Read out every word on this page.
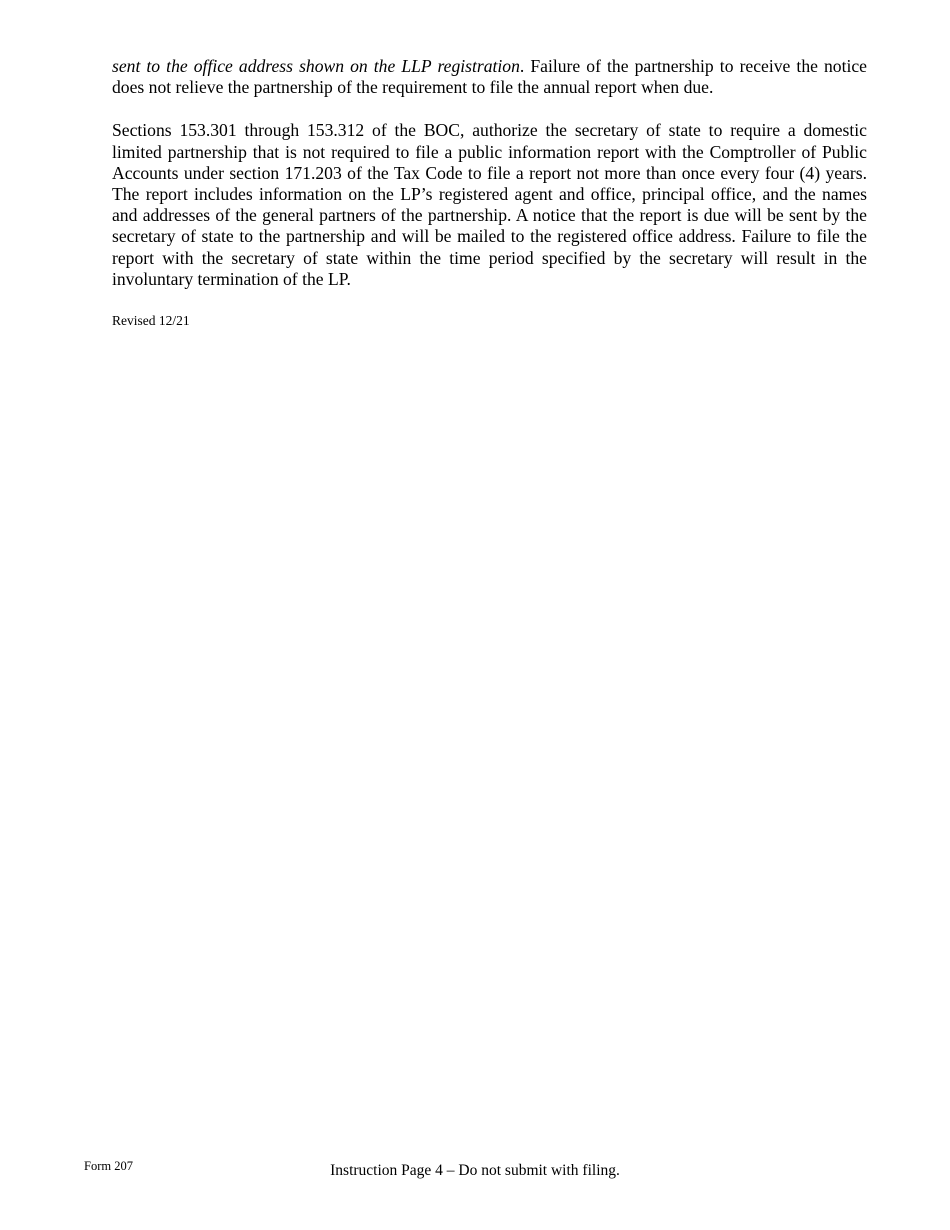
sent to the office address shown on the LLP registration. Failure of the partnership to receive the notice does not relieve the partnership of the requirement to file the annual report when due.

Sections 153.301 through 153.312 of the BOC, authorize the secretary of state to require a domestic limited partnership that is not required to file a public information report with the Comptroller of Public Accounts under section 171.203 of the Tax Code to file a report not more than once every four (4) years. The report includes information on the LP’s registered agent and office, principal office, and the names and addresses of the general partners of the partnership. A notice that the report is due will be sent by the secretary of state to the partnership and will be mailed to the registered office address. Failure to file the report with the secretary of state within the time period specified by the secretary will result in the involuntary termination of the LP.

Revised 12/21
Form 207	Instruction Page 4 – Do not submit with filing.
